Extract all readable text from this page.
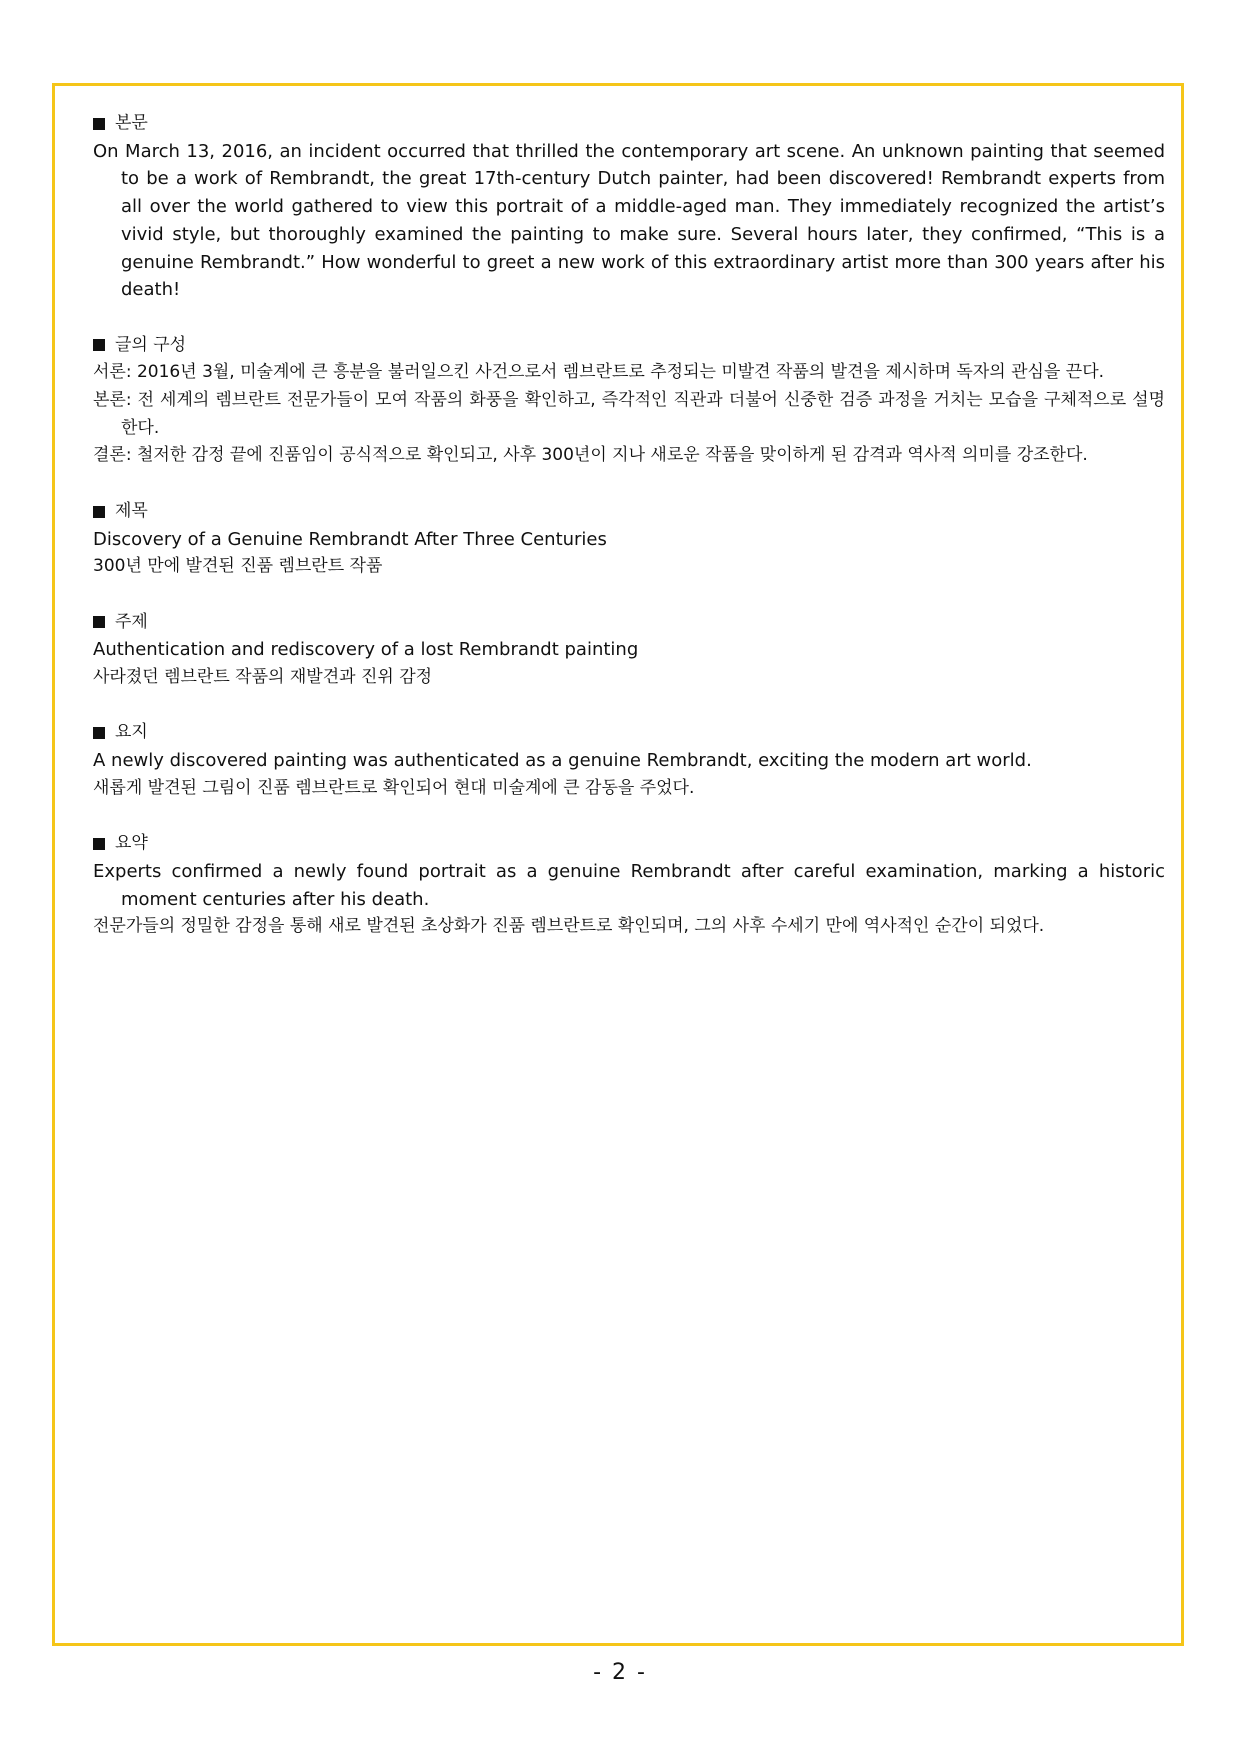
본문

On March 13, 2016, an incident occurred that thrilled the contemporary art scene. An unknown painting that seemed to be a work of Rembrandt, the great 17th-century Dutch painter, had been discovered! Rembrandt experts from all over the world gathered to view this portrait of a middle-aged man. They immediately recognized the artist’s vivid style, but thoroughly examined the painting to make sure. Several hours later, they confirmed, “This is a genuine Rembrandt.” How wonderful to greet a new work of this extraordinary artist more than 300 years after his death!

글의 구성

서론: 2016년 3월, 미술계에 큰 흥분을 불러일으킨 사건으로서 렘브란트로 추정되는 미발견 작품의 발견을 제시하며 독자의 관심을 끈다.

본론: 전 세계의 렘브란트 전문가들이 모여 작품의 화풍을 확인하고, 즉각적인 직관과 더불어 신중한 검증 과정을 거치는 모습을 구체적으로 설명한다.

결론: 철저한 감정 끝에 진품임이 공식적으로 확인되고, 사후 300년이 지나 새로운 작품을 맞이하게 된 감격과 역사적 의미를 강조한다.

제목

Discovery of a Genuine Rembrandt After Three Centuries

300년 만에 발견된 진품 렘브란트 작품

주제

Authentication and rediscovery of a lost Rembrandt painting

사라졌던 렘브란트 작품의 재발견과 진위 감정

요지

A newly discovered painting was authenticated as a genuine Rembrandt, exciting the modern art world.

새롭게 발견된 그림이 진품 렘브란트로 확인되어 현대 미술계에 큰 감동을 주었다.

요약

Experts confirmed a newly found portrait as a genuine Rembrandt after careful examination, marking a historic moment centuries after his death.

전문가들의 정밀한 감정을 통해 새로 발견된 초상화가 진품 렘브란트로 확인되며, 그의 사후 수세기 만에 역사적인 순간이 되었다.

- 2 -
